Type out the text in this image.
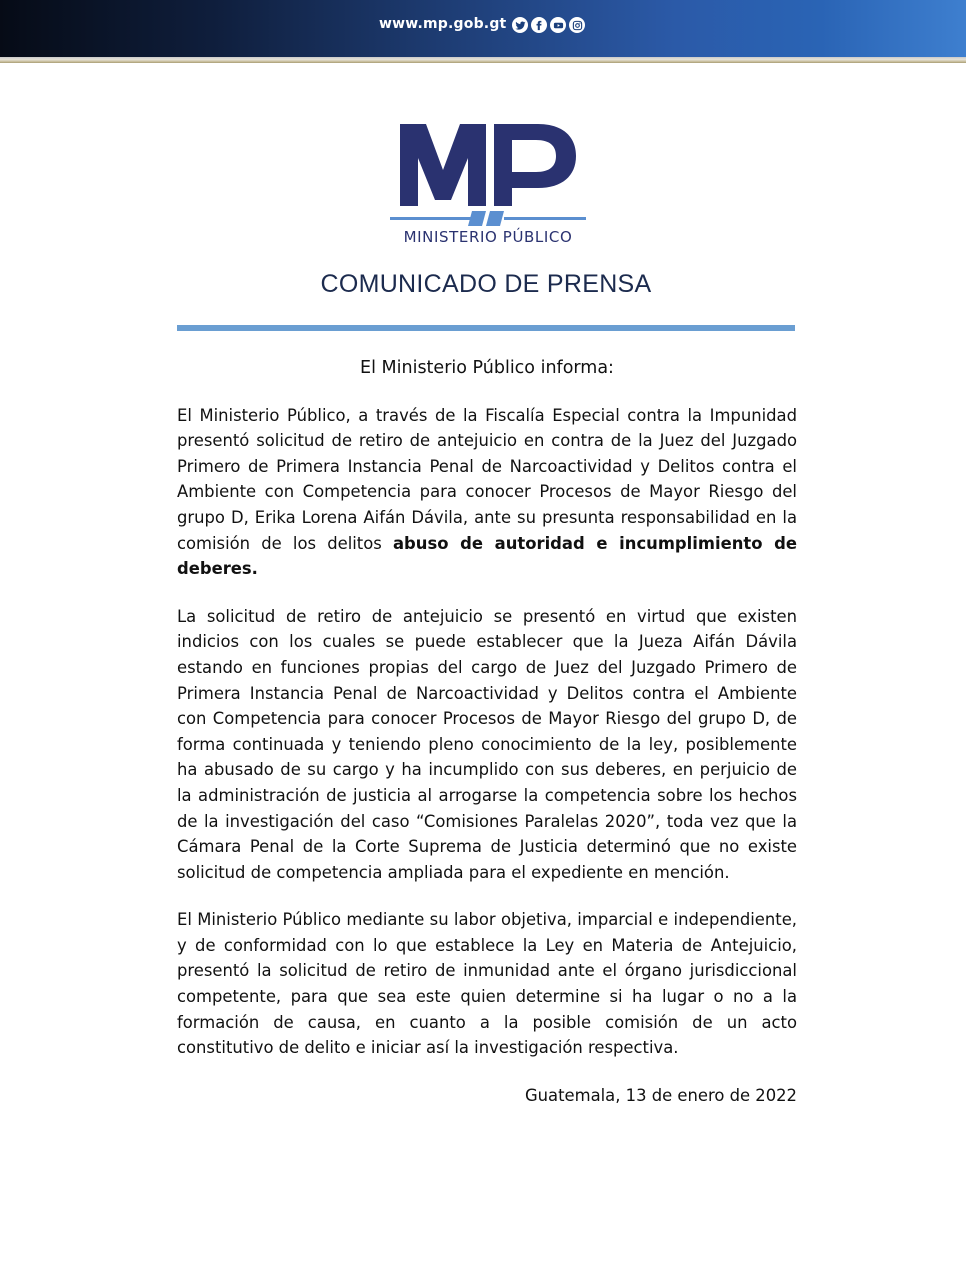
www.mp.gob.gt
MINISTERIO PÚBLICO
COMUNICADO DE PRENSA

El Ministerio Público informa:

El Ministerio Público, a través de la Fiscalía Especial contra la Impunidad presentó solicitud de retiro de antejuicio en contra de la Juez del Juzgado Primero de Primera Instancia Penal de Narcoactividad y Delitos contra el Ambiente con Competencia para conocer Procesos de Mayor Riesgo del grupo D, Erika Lorena Aifán Dávila, ante su presunta responsabilidad en la comisión de los delitos abuso de autoridad e incumplimiento de deberes.

La solicitud de retiro de antejuicio se presentó en virtud que existen indicios con los cuales se puede establecer que la Jueza Aifán Dávila estando en funciones propias del cargo de Juez del Juzgado Primero de Primera Instancia Penal de Narcoactividad y Delitos contra el Ambiente con Competencia para conocer Procesos de Mayor Riesgo del grupo D, de forma continuada y teniendo pleno conocimiento de la ley, posiblemente ha abusado de su cargo y ha incumplido con sus deberes, en perjuicio de la administración de justicia al arrogarse la competencia sobre los hechos de la investigación del caso “Comisiones Paralelas 2020”, toda vez que la Cámara Penal de la Corte Suprema de Justicia determinó que no existe solicitud de competencia ampliada para el expediente en mención.

El Ministerio Público mediante su labor objetiva, imparcial e independiente, y de conformidad con lo que establece la Ley en Materia de Antejuicio, presentó la solicitud de retiro de inmunidad ante el órgano jurisdiccional competente, para que sea este quien determine si ha lugar o no a la formación de causa, en cuanto a la posible comisión de un acto constitutivo de delito e iniciar así la investigación respectiva.

Guatemala, 13 de enero de 2022
